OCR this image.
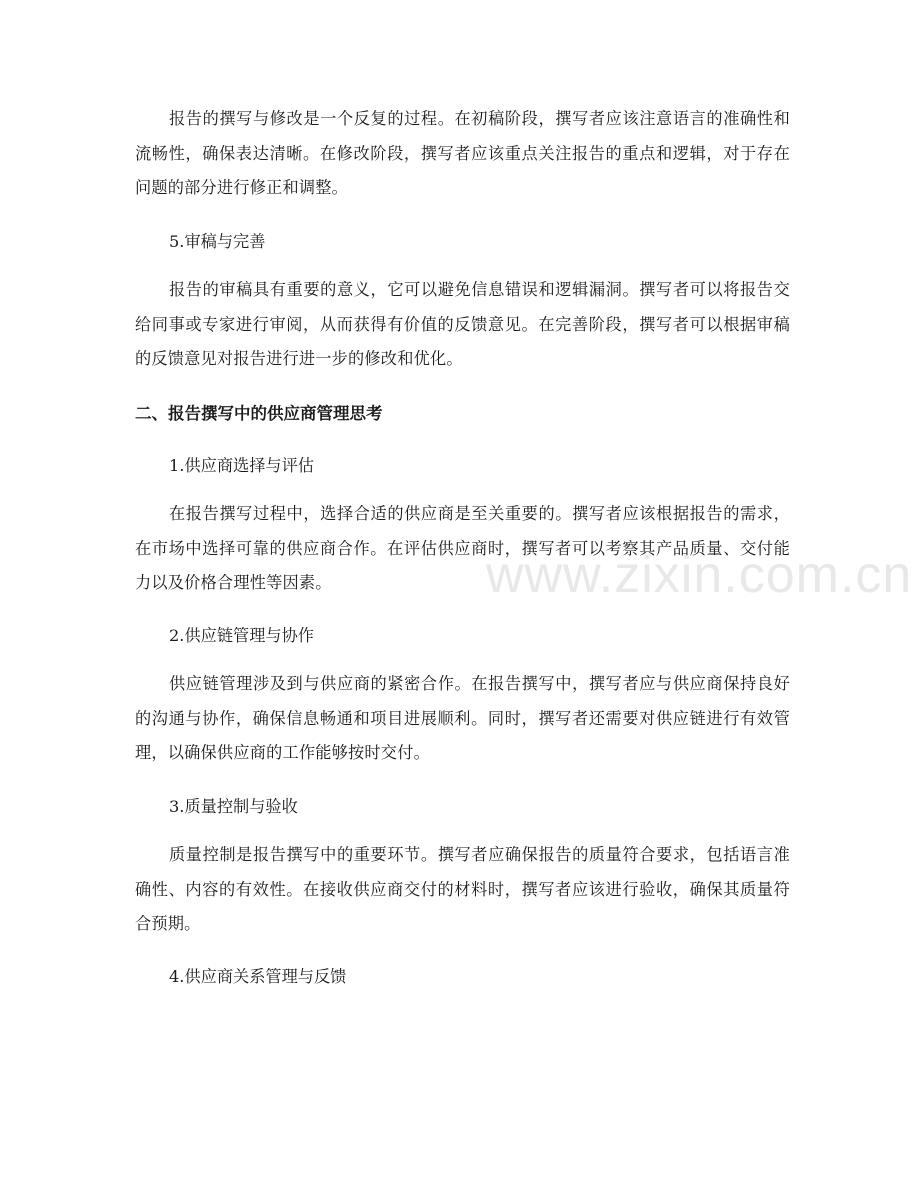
报告的撰写与修改是一个反复的过程。在初稿阶段，撰写者应该注意语言的准确性和流畅性，确保表达清晰。在修改阶段，撰写者应该重点关注报告的重点和逻辑，对于存在问题的部分进行修正和调整。

5.审稿与完善

报告的审稿具有重要的意义，它可以避免信息错误和逻辑漏洞。撰写者可以将报告交给同事或专家进行审阅，从而获得有价值的反馈意见。在完善阶段，撰写者可以根据审稿的反馈意见对报告进行进一步的修改和优化。

二、报告撰写中的供应商管理思考

1.供应商选择与评估

在报告撰写过程中，选择合适的供应商是至关重要的。撰写者应该根据报告的需求，在市场中选择可靠的供应商合作。在评估供应商时，撰写者可以考察其产品质量、交付能力以及价格合理性等因素。

2.供应链管理与协作

供应链管理涉及到与供应商的紧密合作。在报告撰写中，撰写者应与供应商保持良好的沟通与协作，确保信息畅通和项目进展顺利。同时，撰写者还需要对供应链进行有效管理，以确保供应商的工作能够按时交付。

3.质量控制与验收

质量控制是报告撰写中的重要环节。撰写者应确保报告的质量符合要求，包括语言准确性、内容的有效性。在接收供应商交付的材料时，撰写者应该进行验收，确保其质量符合预期。

4.供应商关系管理与反馈

www.zixin.com.cn
